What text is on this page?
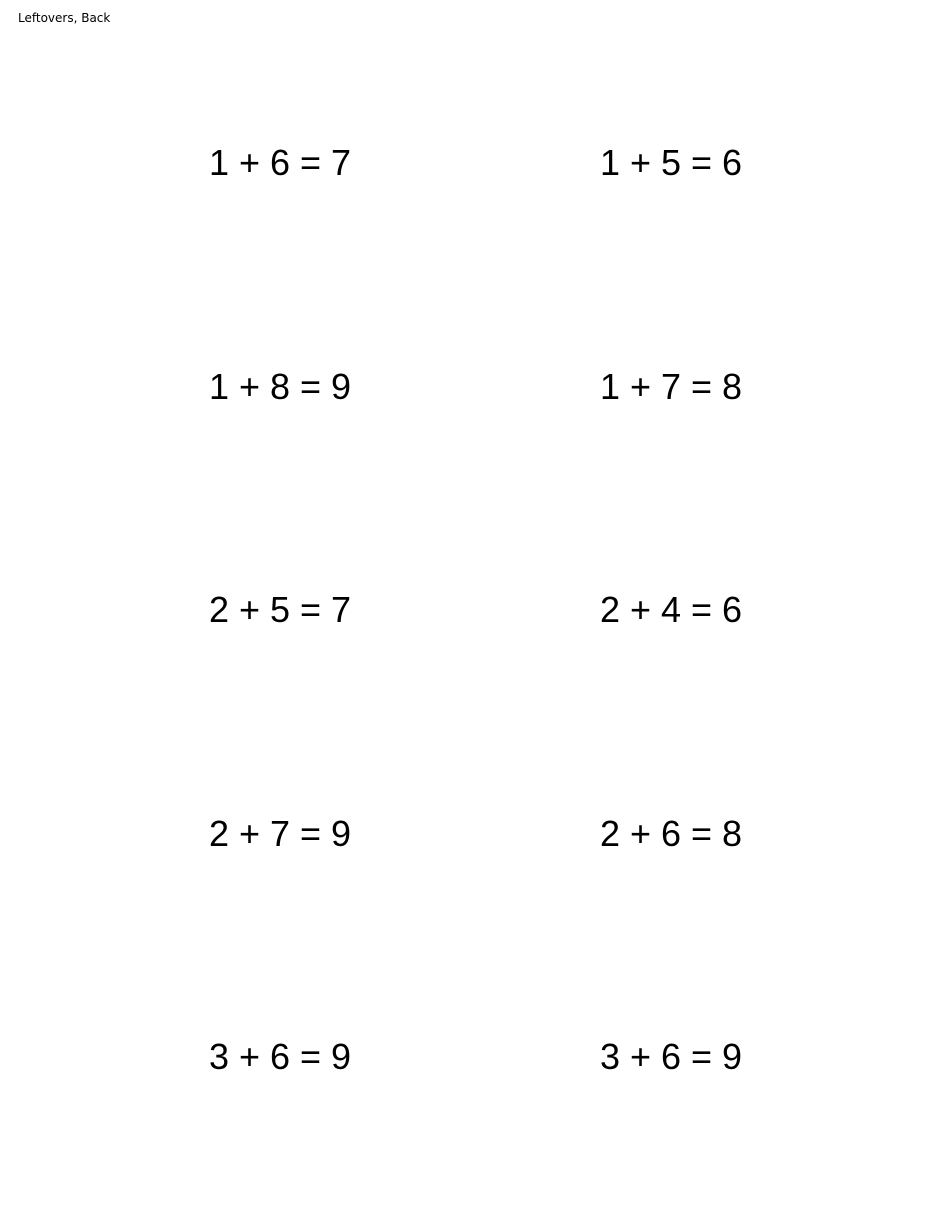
Leftovers, Back
1 + 6 = 7	1 + 5 = 6
1 + 8 = 9	1 + 7 = 8
2 + 5 = 7	2 + 4 = 6
2 + 7 = 9	2 + 6 = 8
3 + 6 = 9	3 + 6 = 9
